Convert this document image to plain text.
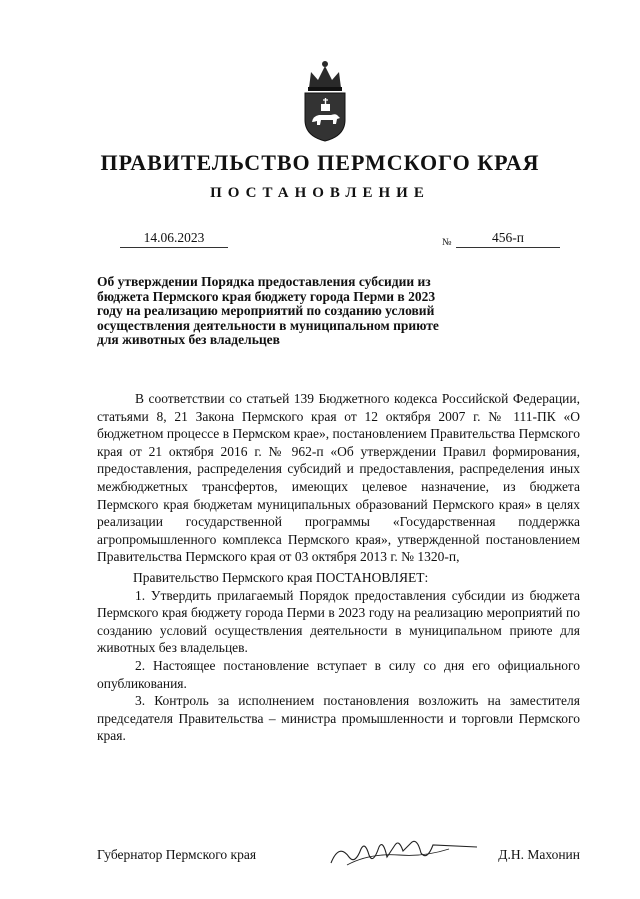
ПРАВИТЕЛЬСТВО ПЕРМСКОГО КРАЯ
ПОСТАНОВЛЕНИЕ
14.06.2023	№	456-п
Об утверждении Порядка предоставления субсидии из бюджета Пермского края бюджету города Перми в 2023 году на реализацию мероприятий по созданию условий осуществления деятельности в муниципальном приюте для животных без владельцев

В соответствии со статьей 139 Бюджетного кодекса Российской Федерации, статьями 8, 21 Закона Пермского края от 12 октября 2007 г. № 111-ПК «О бюджетном процессе в Пермском крае», постановлением Правительства Пермского края от 21 октября 2016 г. № 962-п «Об утверждении Правил формирования, предоставления, распределения субсидий и предоставления, распределения иных межбюджетных трансфертов, имеющих целевое назначение, из бюджета Пермского края бюджетам муниципальных образований Пермского края» в целях реализации государственной программы «Государственная поддержка агропромышленного комплекса Пермского края», утвержденной постановлением Правительства Пермского края от 03 октября 2013 г. № 1320-п,

Правительство Пермского края ПОСТАНОВЛЯЕТ:

1. Утвердить прилагаемый Порядок предоставления субсидии из бюджета Пермского края бюджету города Перми в 2023 году на реализацию мероприятий по созданию условий осуществления деятельности в муниципальном приюте для животных без владельцев.

2. Настоящее постановление вступает в силу со дня его официального опубликования.

3. Контроль за исполнением постановления возложить на заместителя председателя Правительства – министра промышленности и торговли Пермского края.

Губернатор Пермского края	Д.Н. Махонин
